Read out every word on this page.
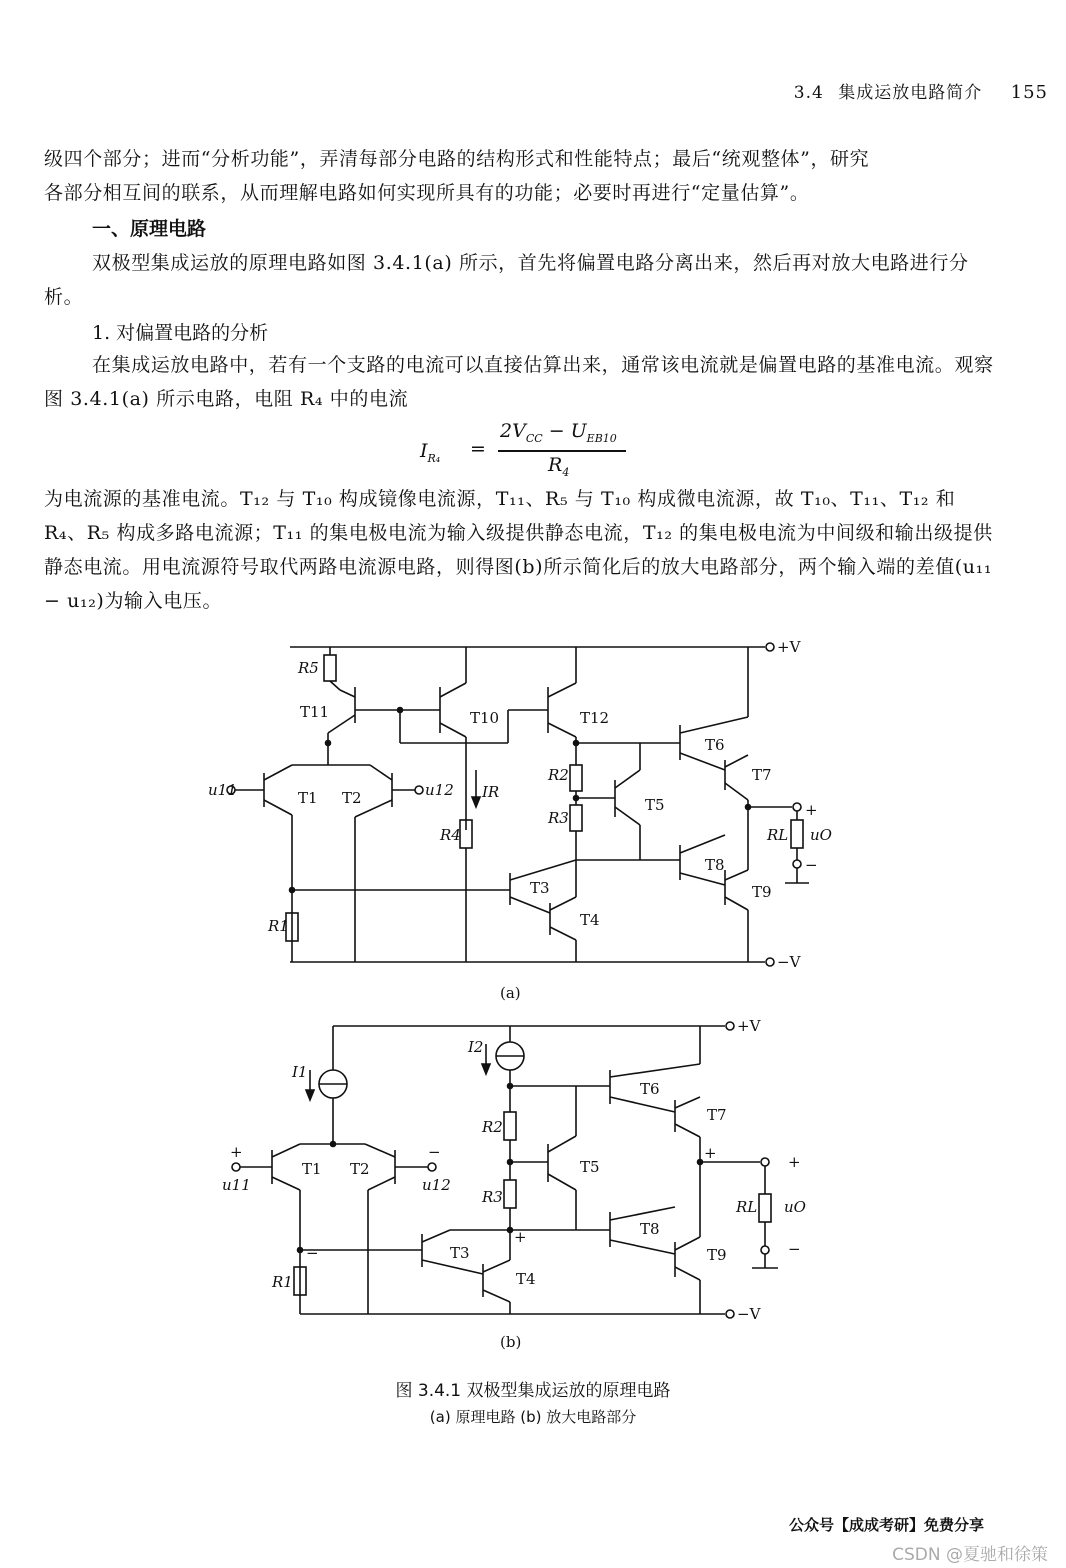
3.4 集成运放电路简介 155
级四个部分；进而“分析功能”，弄清每部分电路的结构形式和性能特点；最后“统观整体”，研究
各部分相互间的联系，从而理解电路如何实现所具有的功能；必要时再进行“定量估算”。
一、原理电路
双极型集成运放的原理电路如图 3.4.1(a) 所示，首先将偏置电路分离出来，然后再对放大电路进行分析。
1. 对偏置电路的分析
在集成运放电路中，若有一个支路的电流可以直接估算出来，通常该电流就是偏置电路的基准电流。观察图 3.4.1(a) 所示电路，电阻 R₄ 中的电流
$I_{R_4}$ =
$2V_{CC} - U_{EB10}$
$R_4$
为电流源的基准电流。T₁₂ 与 T₁₀ 构成镜像电流源，T₁₁、R₅ 与 T₁₀ 构成微电流源，故 T₁₀、T₁₁、T₁₂ 和 R₄、R₅ 构成多路电流源；T₁₁ 的集电极电流为输入级提供静态电流，T₁₂ 的集电极电流为中间级和输出级提供静态电流。用电流源符号取代两路电流源电路，则得图(b)所示简化后的放大电路部分，两个输入端的差值(u₁₁ − u₁₂)为输入电压。
+V
−V
R5
T11	T10	T12
T1 T2
u11	u12
R2
R3
R4
R1
IR
T5
T6
T7
T8
T9
T3
T4
RL uO
+
−
(a)
+V
−V
I1
I2
T1 T2
+	−
u11	u12
R2
R3
R1
T5
T6
T7
T8
T9
T3
T4
RL uO
+	+
−
−
+
(b)
图 3.4.1 双极型集成运放的原理电路
(a) 原理电路 (b) 放大电路部分
公众号【成成考研】免费分享
CSDN @夏驰和徐策
